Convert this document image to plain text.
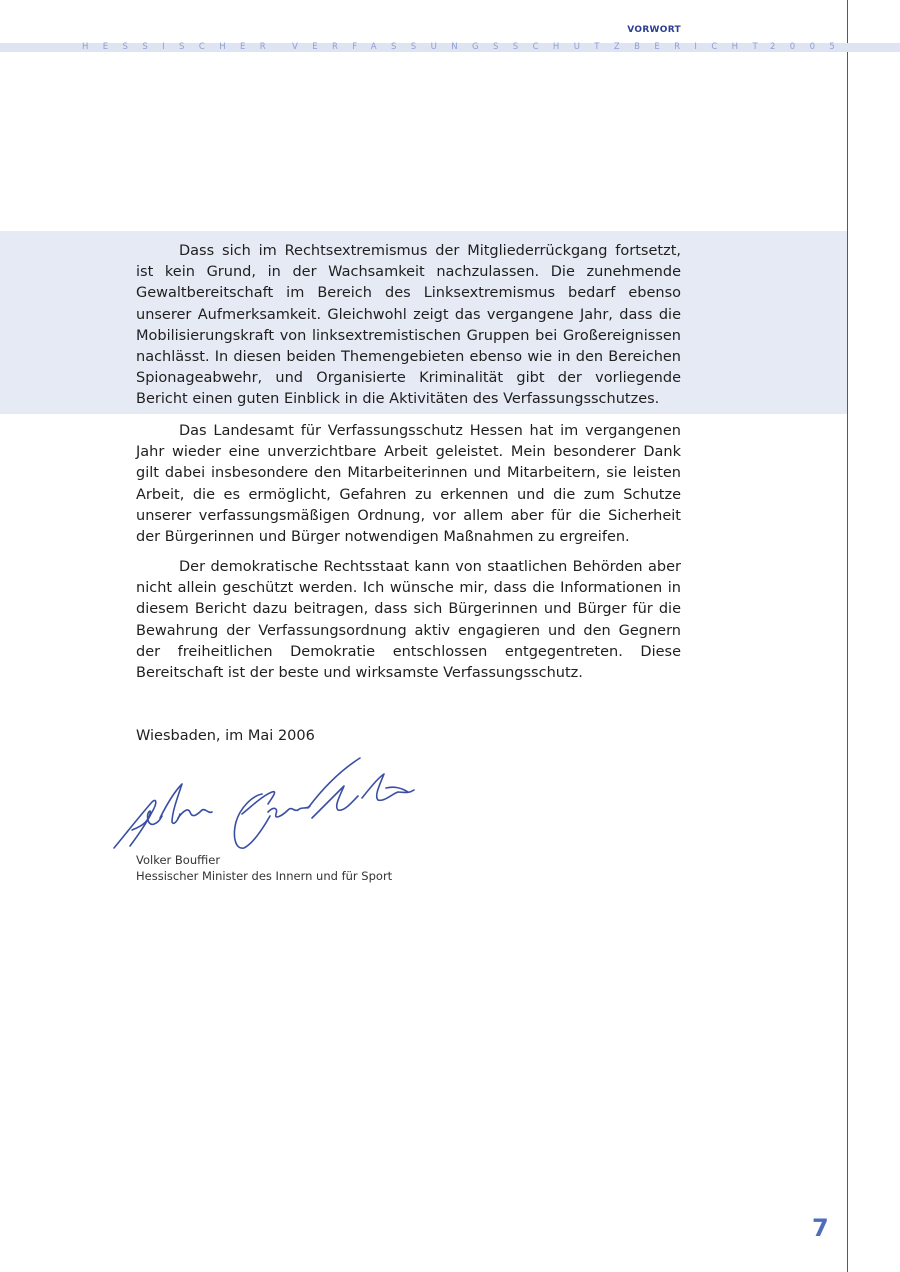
VORWORT
HESSISCHER VERFASSUNGSSCHUTZBERICHT
2005

Dass sich im Rechtsextremismus der Mitgliederrückgang fortsetzt, ist kein Grund, in der Wachsamkeit nachzulassen. Die zunehmende Gewaltbereitschaft im Bereich des Linksextremismus bedarf ebenso unserer Aufmerksamkeit. Gleichwohl zeigt das vergangene Jahr, dass die Mobilisierungskraft von linksextremistischen Gruppen bei Großereignissen nachlässt. In diesen beiden Themengebieten ebenso wie in den Bereichen Spionageabwehr, und Organisierte Kriminalität gibt der vorliegende Bericht einen guten Einblick in die Aktivitäten des Verfassungsschutzes.

Das Landesamt für Verfassungsschutz Hessen hat im vergangenen Jahr wieder eine unverzichtbare Arbeit geleistet. Mein besonderer Dank gilt dabei insbesondere den Mitarbeiterinnen und Mitarbeitern, sie leisten Arbeit, die es ermöglicht, Gefahren zu erkennen und die zum Schutze unserer verfassungsmäßigen Ordnung, vor allem aber für die Sicherheit der Bürgerinnen und Bürger notwendigen Maßnahmen zu ergreifen.

Der demokratische Rechtsstaat kann von staatlichen Behörden aber nicht allein geschützt werden. Ich wünsche mir, dass die Informationen in diesem Bericht dazu beitragen, dass sich Bürgerinnen und Bürger für die Bewahrung der Verfassungsordnung aktiv engagieren und den Gegnern der freiheitlichen Demokratie entschlossen entgegentreten. Diese Bereitschaft ist der beste und wirksamste Verfassungsschutz.

Wiesbaden, im Mai 2006
Volker Bouffier
Hessischer Minister des Innern und für Sport
7
